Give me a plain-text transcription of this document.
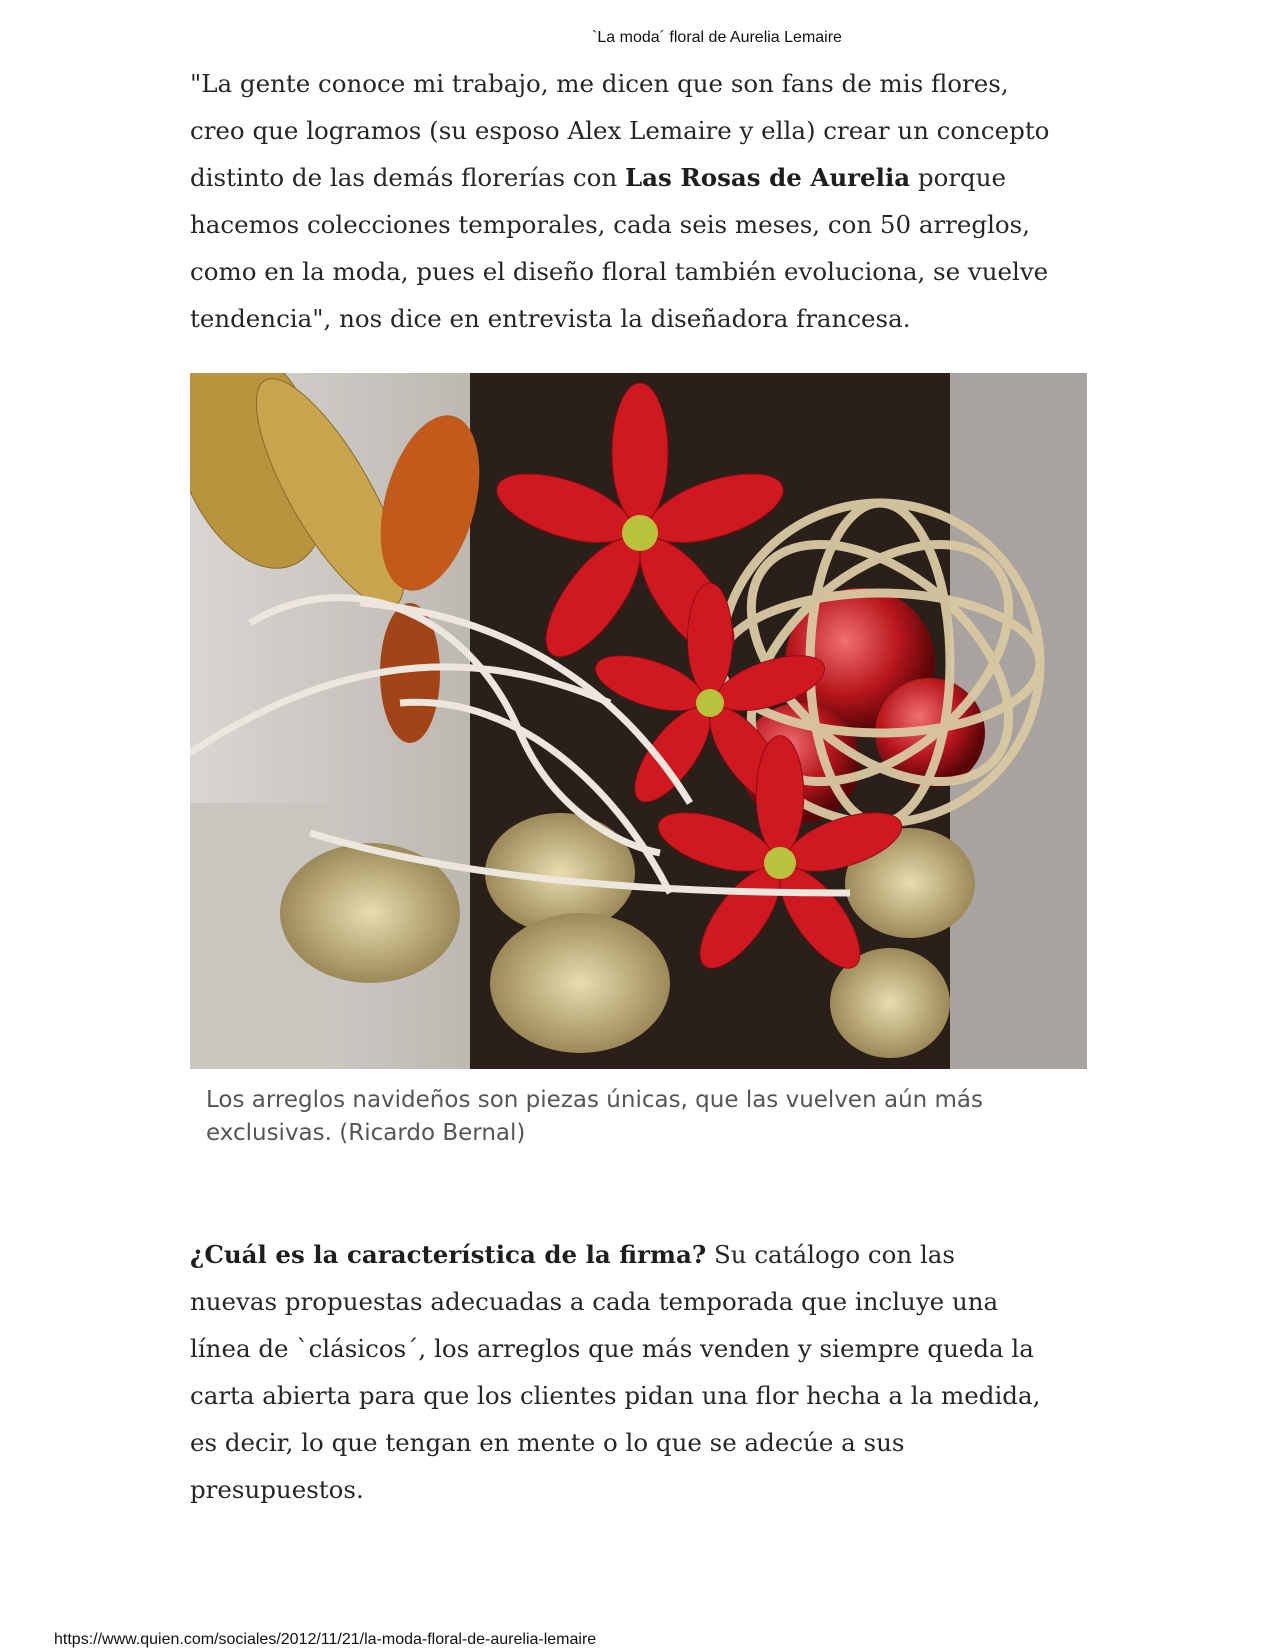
`La moda´ floral de Aurelia Lemaire

"La gente conoce mi trabajo, me dicen que son fans de mis flores,
creo que logramos (su esposo Alex Lemaire y ella) crear un concepto
distinto de las demás florerías con Las Rosas de Aurelia porque
hacemos colecciones temporales, cada seis meses, con 50 arreglos,
como en la moda, pues el diseño floral también evoluciona, se vuelve
tendencia", nos dice en entrevista la diseñadora francesa.

Los arreglos navideños son piezas únicas, que las vuelven aún más
exclusivas. (Ricardo Bernal)

¿Cuál es la característica de la firma? Su catálogo con las
nuevas propuestas adecuadas a cada temporada que incluye una
línea de `clásicos´, los arreglos que más venden y siempre queda la
carta abierta para que los clientes pidan una flor hecha a la medida,
es decir, lo que tengan en mente o lo que se adecúe a sus
presupuestos.

https://www.quien.com/sociales/2012/11/21/la-moda-floral-de-aurelia-lemaire
